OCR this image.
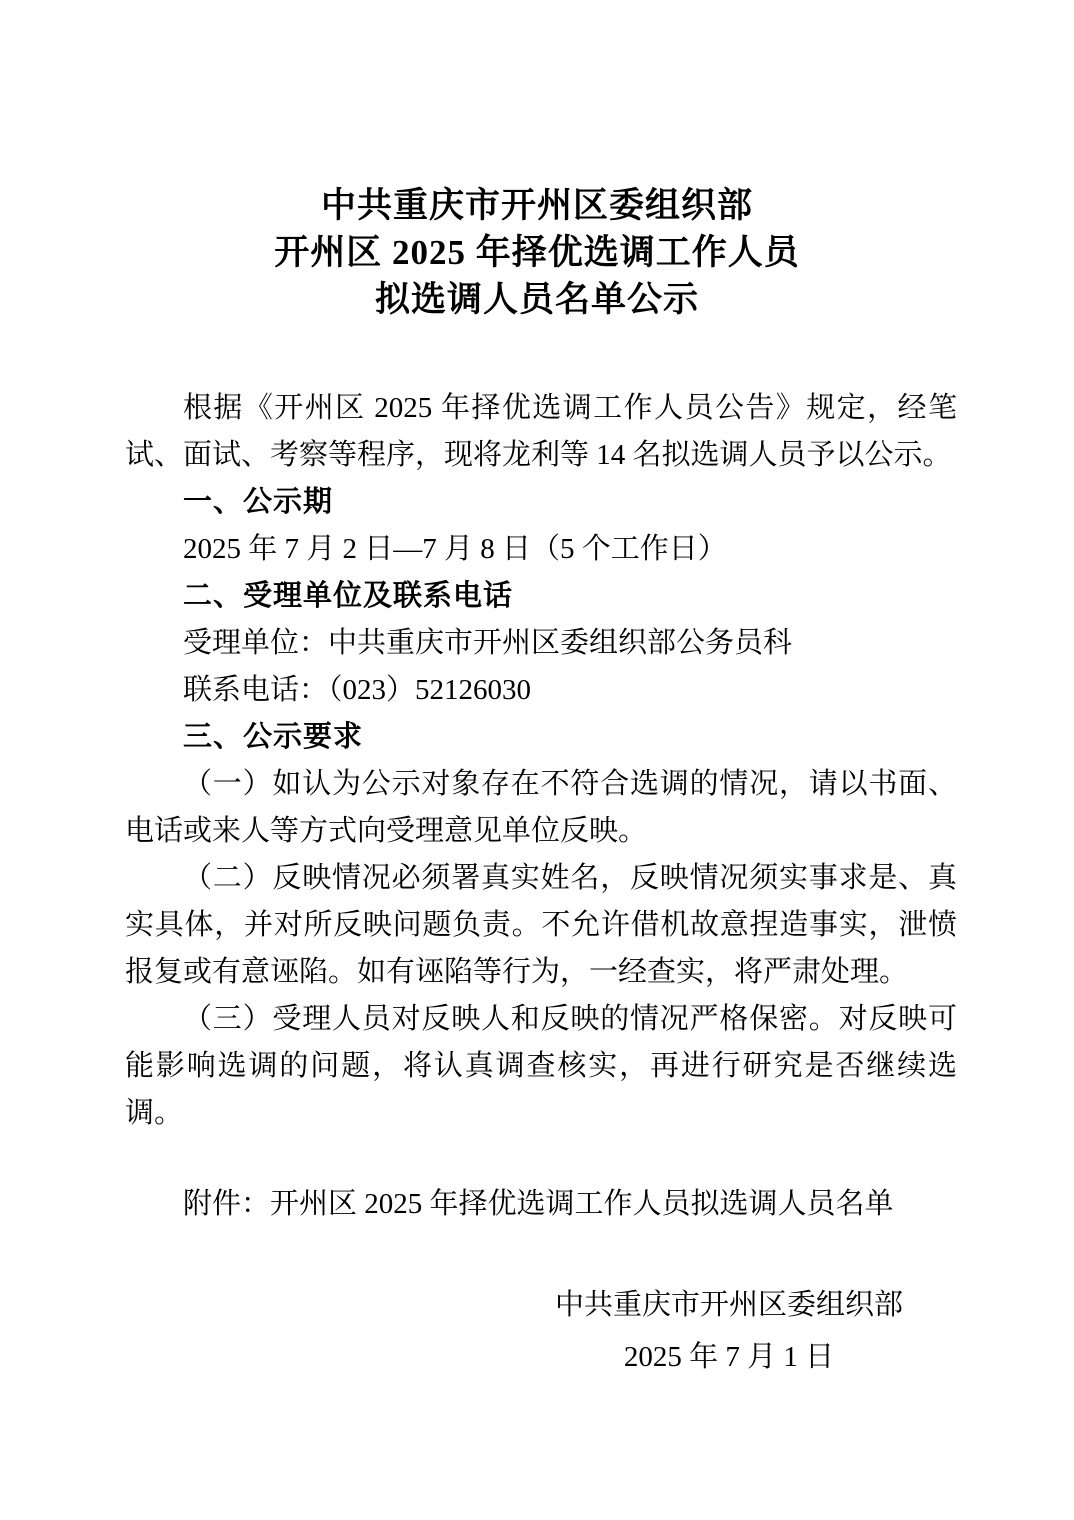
中共重庆市开州区委组织部
开州区 2025 年择优选调工作人员
拟选调人员名单公示

根据《开州区 2025 年择优选调工作人员公告》规定，经笔试、面试、考察等程序，现将龙利等 14 名拟选调人员予以公示。

一、公示期

2025 年 7 月 2 日—7 月 8 日（5 个工作日）

二、受理单位及联系电话

受理单位：中共重庆市开州区委组织部公务员科

联系电话：（023）52126030

三、公示要求

（一）如认为公示对象存在不符合选调的情况，请以书面、电话或来人等方式向受理意见单位反映。

（二）反映情况必须署真实姓名，反映情况须实事求是、真实具体，并对所反映问题负责。不允许借机故意捏造事实，泄愤报复或有意诬陷。如有诬陷等行为，一经查实，将严肃处理。

（三）受理人员对反映人和反映的情况严格保密。对反映可能影响选调的问题，将认真调查核实，再进行研究是否继续选调。

附件：开州区 2025 年择优选调工作人员拟选调人员名单

中共重庆市开州区委组织部

2025 年 7 月 1 日
